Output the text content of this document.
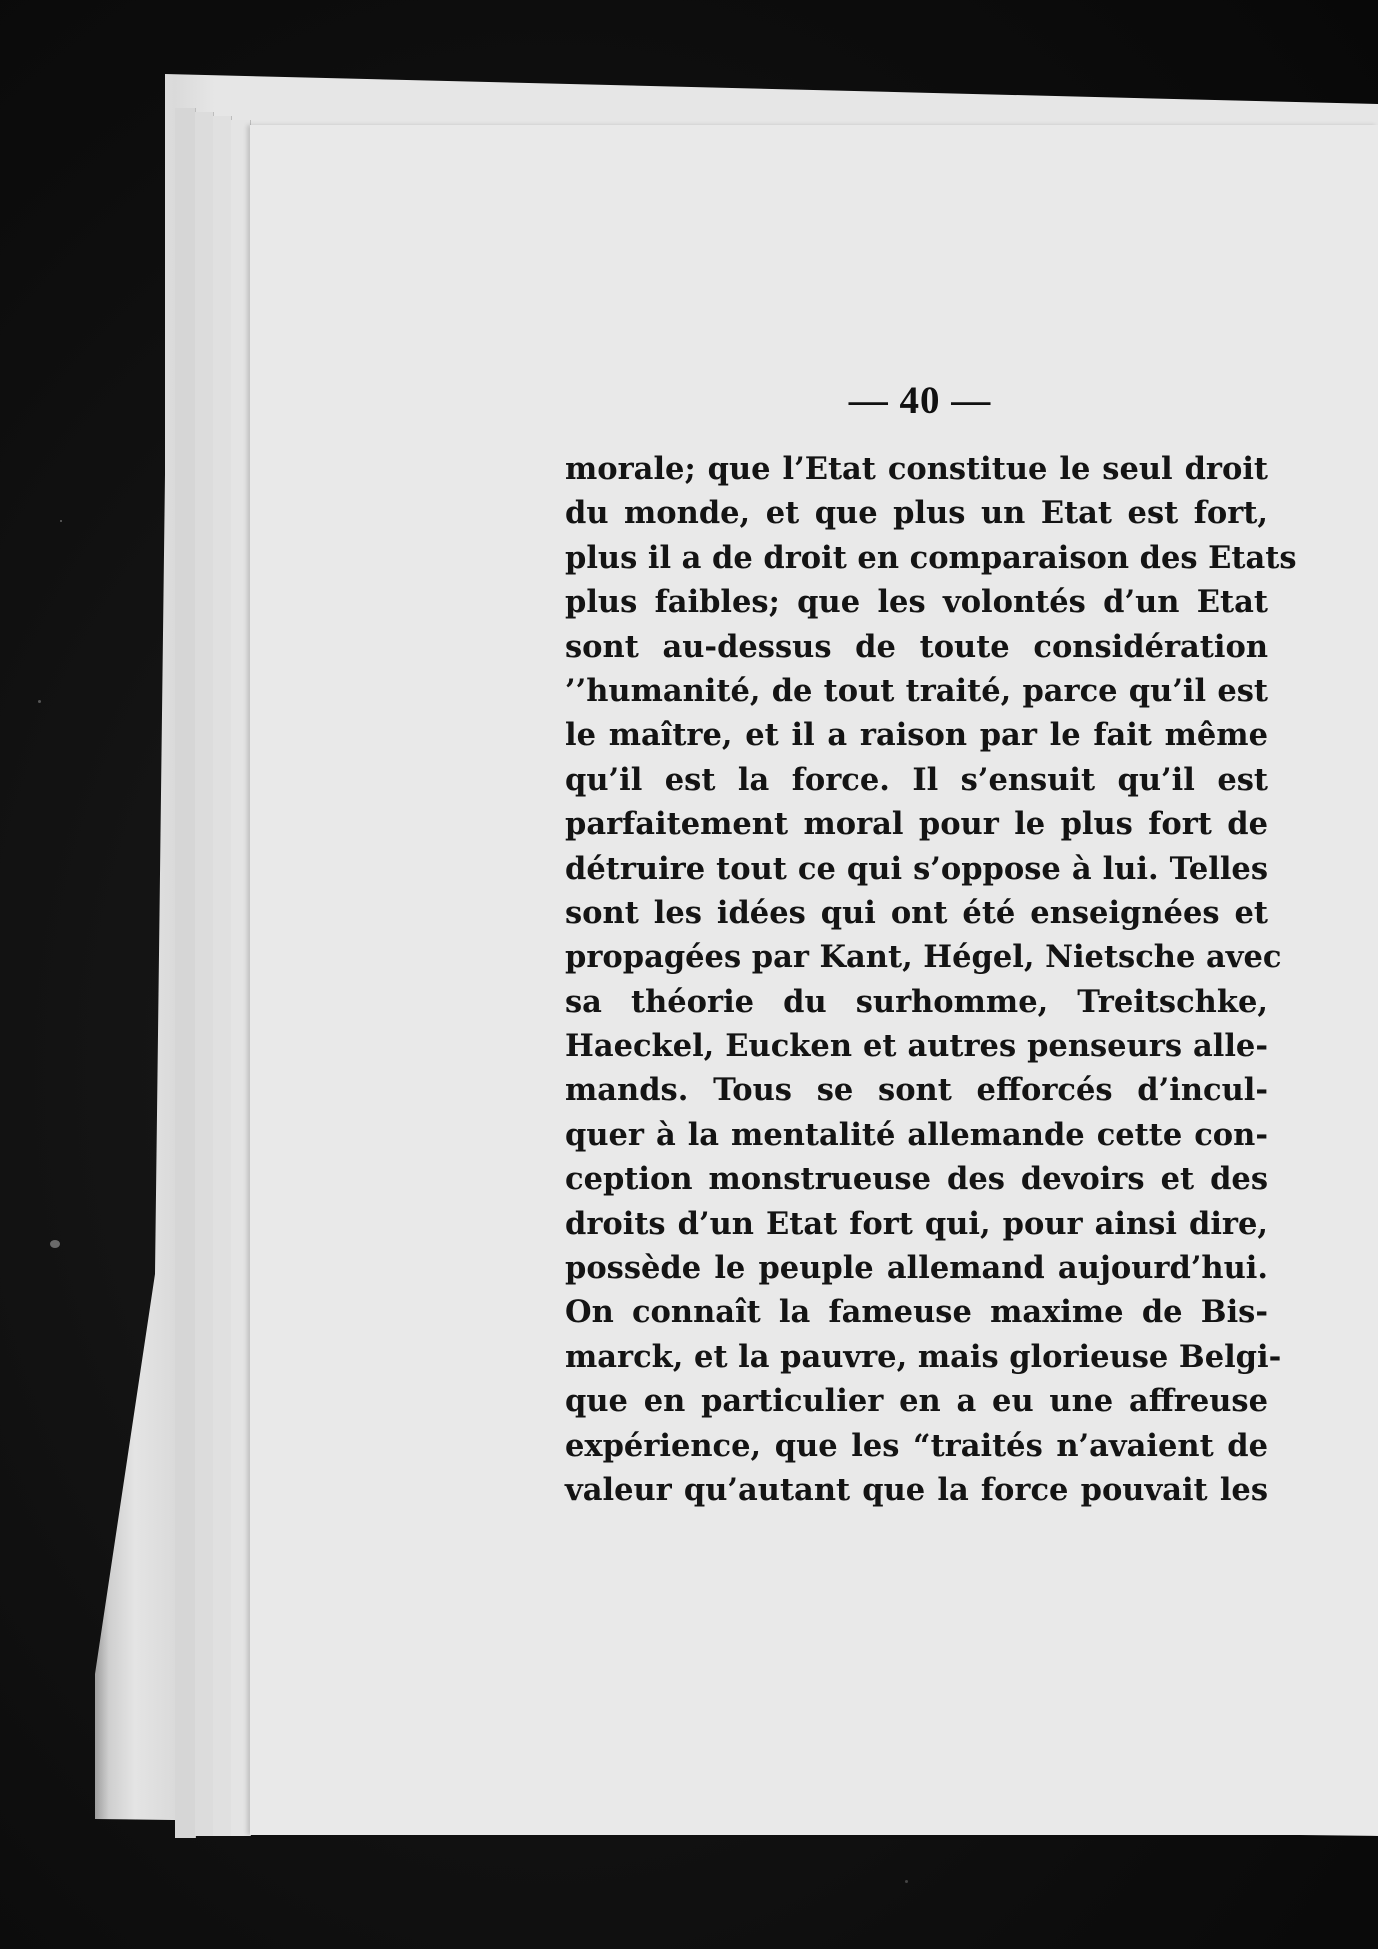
— 40 —
morale; que l’Etat constitue le seul droit
du monde, et que plus un Etat est fort,
plus il a de droit en comparaison des Etats
plus faibles; que les volontés d’un Etat
sont au-dessus de toute considération
’’humanité, de tout traité, parce qu’il est
le maître, et il a raison par le fait même
qu’il est la force. Il s’ensuit qu’il est
parfaitement moral pour le plus fort de
détruire tout ce qui s’oppose à lui. Telles
sont les idées qui ont été enseignées et
propagées par Kant, Hégel, Nietsche avec
sa théorie du surhomme, Treitschke,
Haeckel, Eucken et autres penseurs alle-
mands. Tous se sont efforcés d’incul-
quer à la mentalité allemande cette con-
ception monstrueuse des devoirs et des
droits d’un Etat fort qui, pour ainsi dire,
possède le peuple allemand aujourd’hui.
On connaît la fameuse maxime de Bis-
marck, et la pauvre, mais glorieuse Belgi-
que en particulier en a eu une affreuse
expérience, que les “traités n’avaient de
valeur qu’autant que la force pouvait les
